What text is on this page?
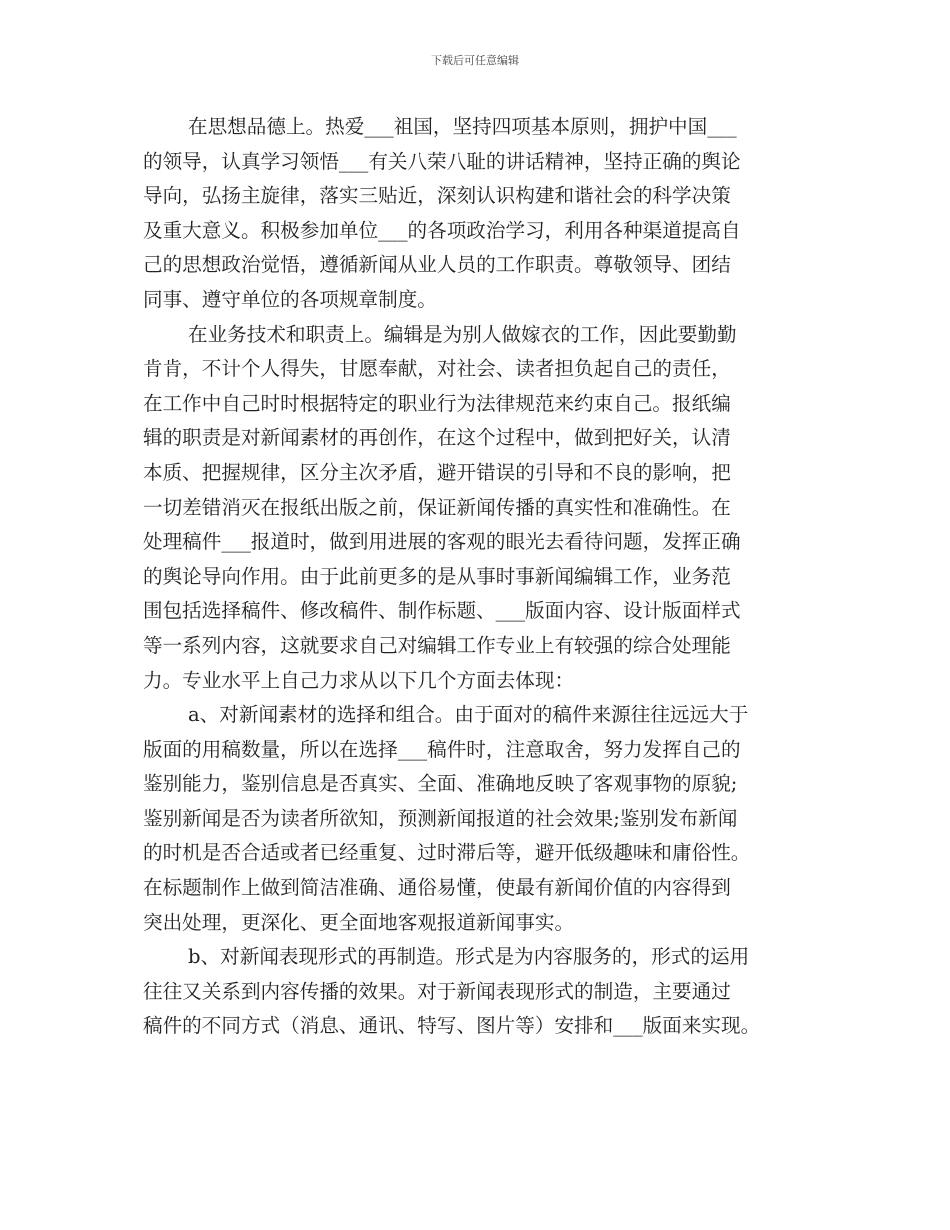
下载后可任意编辑
在思想品德上。热爱___祖国，坚持四项基本原则，拥护中国___
的领导，认真学习领悟___有关八荣八耻的讲话精神，坚持正确的舆论
导向，弘扬主旋律，落实三贴近，深刻认识构建和谐社会的科学决策
及重大意义。积极参加单位___的各项政治学习，利用各种渠道提高自
己的思想政治觉悟，遵循新闻从业人员的工作职责。尊敬领导、团结
同事、遵守单位的各项规章制度。
在业务技术和职责上。编辑是为别人做嫁衣的工作，因此要勤勤
肯肯，不计个人得失，甘愿奉献，对社会、读者担负起自己的责任，
在工作中自己时时根据特定的职业行为法律规范来约束自己。报纸编
辑的职责是对新闻素材的再创作，在这个过程中，做到把好关，认清
本质、把握规律，区分主次矛盾，避开错误的引导和不良的影响，把
一切差错消灭在报纸出版之前，保证新闻传播的真实性和准确性。在
处理稿件___报道时，做到用进展的客观的眼光去看待问题，发挥正确
的舆论导向作用。由于此前更多的是从事时事新闻编辑工作，业务范
围包括选择稿件、修改稿件、制作标题、___版面内容、设计版面样式
等一系列内容，这就要求自己对编辑工作专业上有较强的综合处理能
力。专业水平上自己力求从以下几个方面去体现：
a、对新闻素材的选择和组合。由于面对的稿件来源往往远远大于
版面的用稿数量，所以在选择___稿件时，注意取舍，努力发挥自己的
鉴别能力，鉴别信息是否真实、全面、准确地反映了客观事物的原貌;
鉴别新闻是否为读者所欲知，预测新闻报道的社会效果;鉴别发布新闻
的时机是否合适或者已经重复、过时滞后等，避开低级趣味和庸俗性。
在标题制作上做到简洁准确、通俗易懂，使最有新闻价值的内容得到
突出处理，更深化、更全面地客观报道新闻事实。
b、对新闻表现形式的再制造。形式是为内容服务的，形式的运用
往往又关系到内容传播的效果。对于新闻表现形式的制造，主要通过
稿件的不同方式（消息、通讯、特写、图片等）安排和___版面来实现。
